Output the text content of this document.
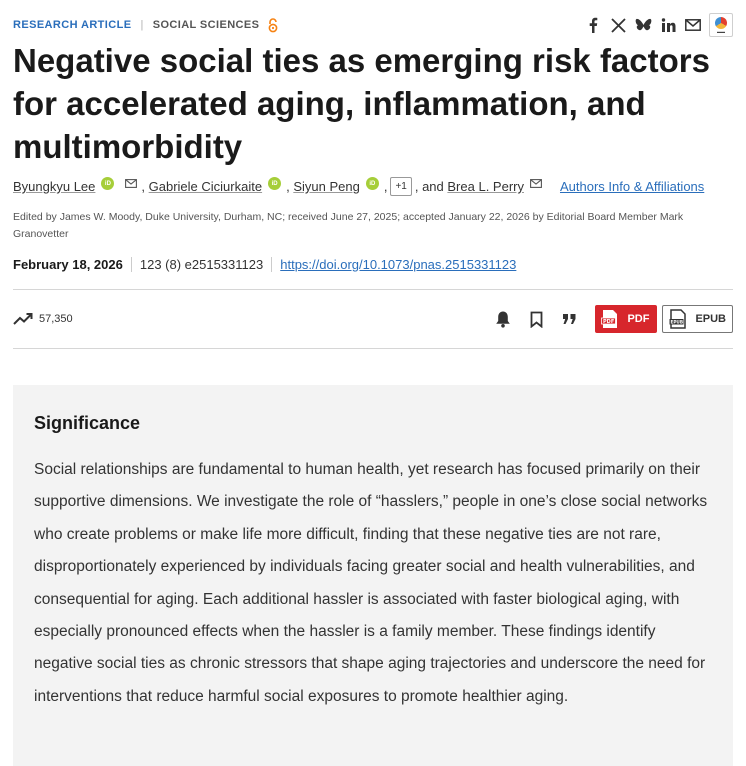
RESEARCH ARTICLE | SOCIAL SCIENCES	▬▬
Negative social ties as emerging risk factors for accelerated aging, inflammation, and multimorbidity
Byungkyu Lee	iD , Gabriele Ciciurkaite	iD , Siyun Peng	iD , +1 , and
Brea L. Perry	Authors Info & Affiliations
Edited by James W. Moody, Duke University, Durham, NC; received June 27, 2025; accepted January 22, 2026 by Editorial Board Member Mark Granovetter
February 18, 2026	123 (8) e2515331123	https://doi.org/10.1073/pnas.2515331123
57,350	PDF PDF	EPUB EPUB
Significance

Social relationships are fundamental to human health, yet research has focused primarily on their supportive dimensions. We investigate the role of “hasslers,” people in one’s close social networks who create problems or make life more difficult, finding that these negative ties are not rare, disproportionately experienced by individuals facing greater social and health vulnerabilities, and consequential for aging. Each additional hassler is associated with faster biological aging, with especially pronounced effects when the hassler is a family member. These findings identify negative social ties as chronic stressors that shape aging trajectories and underscore the need for interventions that reduce harmful social exposures to promote healthier aging.
